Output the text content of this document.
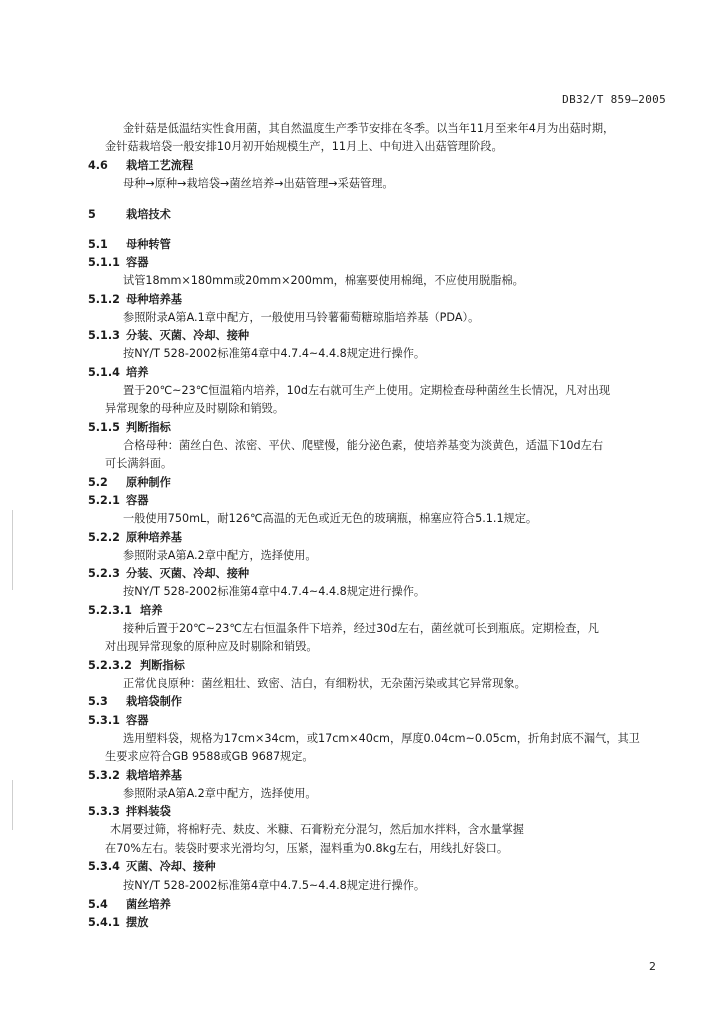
DB32/T 859—2005
金针菇是低温结实性食用菌，其自然温度生产季节安排在冬季。以当年11月至来年4月为出菇时期，
金针菇栽培袋一般安排10月初开始规模生产，11月上、中旬进入出菇管理阶段。
4.6 栽培工艺流程
母种→原种→栽培袋→菌丝培养→出菇管理→采菇管理。
5	栽培技术
5.1 母种转管
5.1.1 容器
试管18mm×180mm或20mm×200mm，棉塞要使用棉绳，不应使用脱脂棉。
5.1.2 母种培养基
参照附录A第A.1章中配方，一般使用马铃薯葡萄糖琼脂培养基（PDA）。
5.1.3 分装、灭菌、冷却、接种
按NY/T 528-2002标准第4章中4.7.4~4.4.8规定进行操作。
5.1.4 培养
置于20℃~23℃恒温箱内培养，10d左右就可生产上使用。定期检查母种菌丝生长情况，凡对出现
异常现象的母种应及时剔除和销毁。
5.1.5 判断指标
合格母种：菌丝白色、浓密、平伏、爬壁慢，能分泌色素，使培养基变为淡黄色，适温下10d左右
可长满斜面。
5.2 原种制作
5.2.1 容器
一般使用750mL，耐126℃高温的无色或近无色的玻璃瓶，棉塞应符合5.1.1规定。
5.2.2 原种培养基
参照附录A第A.2章中配方，选择使用。
5.2.3 分装、灭菌、冷却、接种
按NY/T 528-2002标准第4章中4.7.4~4.4.8规定进行操作。
5.2.3.1 培养
接种后置于20℃~23℃左右恒温条件下培养，经过30d左右，菌丝就可长到瓶底。定期检查，凡
对出现异常现象的原种应及时剔除和销毁。
5.2.3.2 判断指标
正常优良原种：菌丝粗壮、致密、洁白，有细粉状，无杂菌污染或其它异常现象。
5.3 栽培袋制作
5.3.1 容器
选用塑料袋，规格为17cm×34cm，或17cm×40cm，厚度0.04cm~0.05cm，折角封底不漏气，其卫
生要求应符合GB 9588或GB 9687规定。
5.3.2 栽培培养基
参照附录A第A.2章中配方，选择使用。
5.3.3 拌料装袋
木屑要过筛，将棉籽壳、麸皮、米糠、石膏粉充分混匀，然后加水拌料，含水量掌握
在70%左右。装袋时要求光滑均匀，压紧，湿料重为0.8kg左右，用线扎好袋口。
5.3.4 灭菌、冷却、接种
按NY/T 528-2002标准第4章中4.7.5~4.4.8规定进行操作。
5.4 菌丝培养
5.4.1 摆放
2
